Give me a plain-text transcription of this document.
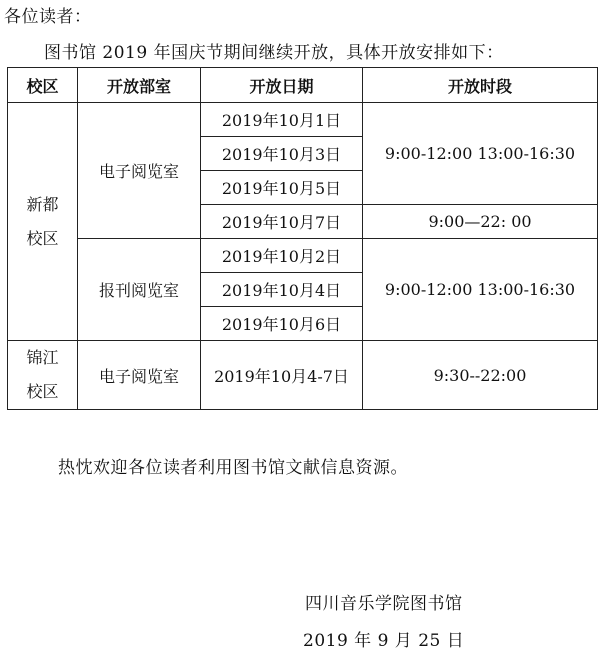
各位读者：
图书馆 2019 年国庆节期间继续开放，具体开放安排如下：
校区	开放部室	开放日期	开放时段

新都
校区	电子阅览室	2019年10月1日	9:00-12:00 13:00-16:30
		2019年10月3日	
		2019年10月5日	
		2019年10月7日	9:00—22: 00
	报刊阅览室	2019年10月2日	9:00-12:00 13:00-16:30
		2019年10月4日	
		2019年10月6日	

锦江
校区	电子阅览室	2019年10月4-7日	9:30--22:00
热忱欢迎各位读者利用图书馆文献信息资源。
四川音乐学院图书馆
2019 年 9 月 25 日
